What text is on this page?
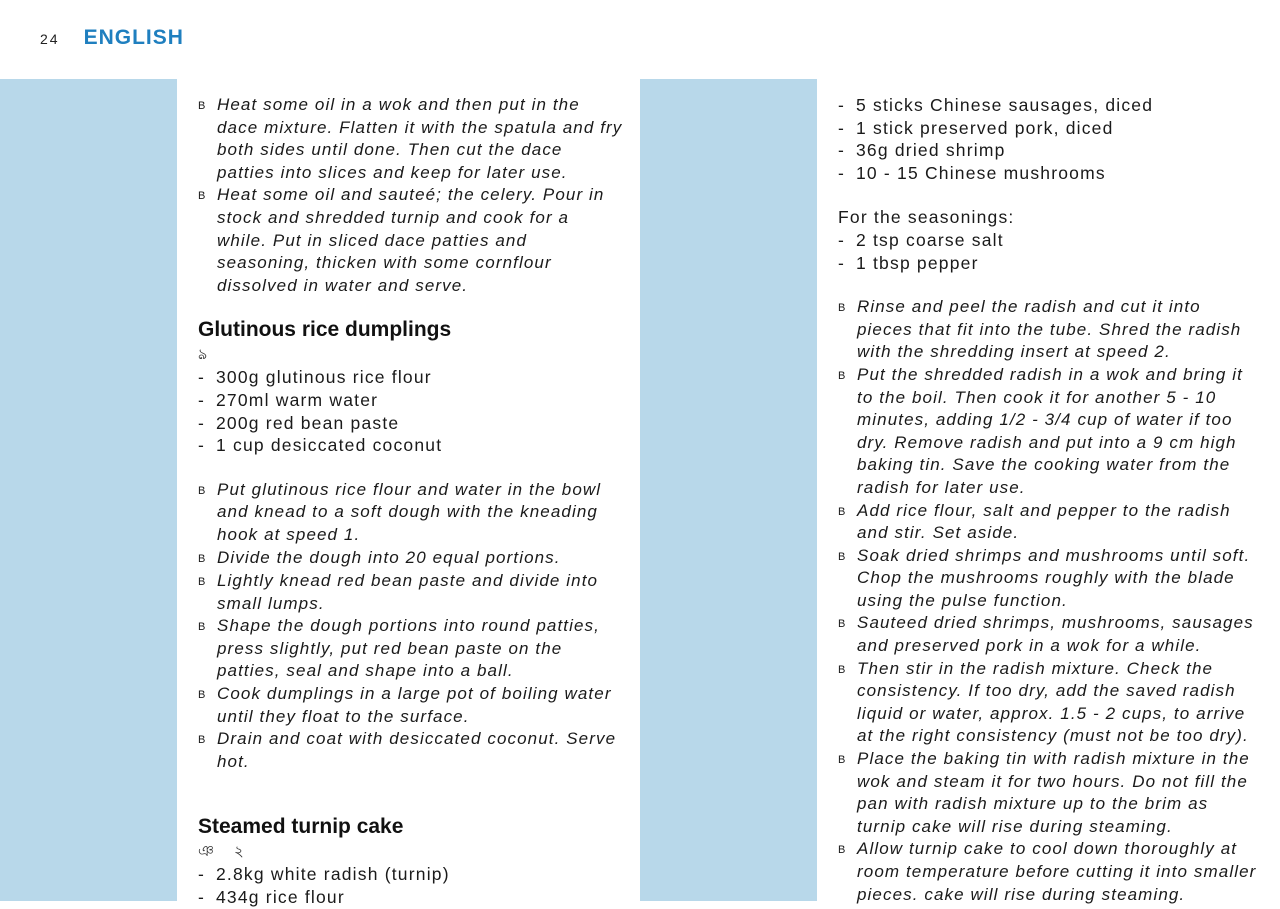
24 ENGLISH
B Heat some oil in a wok and then put in the dace mixture. Flatten it with the spatula and fry both sides until done. Then cut the dace patties into slices and keep for later use.
B Heat some oil and sauteé; the celery. Pour in stock and shredded turnip and cook for a while. Put in sliced dace patties and seasoning, thicken with some cornflour dissolved in water and serve.
Glutinous rice dumplings
ঌ
- 300g glutinous rice flour
- 270ml warm water
- 200g red bean paste
- 1 cup desiccated coconut
B Put glutinous rice flour and water in the bowl and knead to a soft dough with the kneading hook at speed 1.
B Divide the dough into 20 equal portions.
B Lightly knead red bean paste and divide into small lumps.
B Shape the dough portions into round patties, press slightly, put red bean paste on the patties, seal and shape into a ball.
B Cook dumplings in a large pot of boiling water until they float to the surface.
B Drain and coat with desiccated coconut. Serve hot.
Steamed turnip cake
ঞ ২
- 2.8kg white radish (turnip)
- 434g rice flour
- 5 sticks Chinese sausages, diced
- 1 stick preserved pork, diced
- 36g dried shrimp
- 10 - 15 Chinese mushrooms
For the seasonings:
- 2 tsp coarse salt
- 1 tbsp pepper
B Rinse and peel the radish and cut it into pieces that fit into the tube. Shred the radish with the shredding insert at speed 2.
B Put the shredded radish in a wok and bring it to the boil. Then cook it for another 5 - 10 minutes, adding 1/2 - 3/4 cup of water if too dry. Remove radish and put into a 9 cm high baking tin. Save the cooking water from the radish for later use.
B Add rice flour, salt and pepper to the radish and stir. Set aside.
B Soak dried shrimps and mushrooms until soft. Chop the mushrooms roughly with the blade using the pulse function.
B Sauteed dried shrimps, mushrooms, sausages and preserved pork in a wok for a while.
B Then stir in the radish mixture. Check the consistency. If too dry, add the saved radish liquid or water, approx. 1.5 - 2 cups, to arrive at the right consistency (must not be too dry).
B Place the baking tin with radish mixture in the wok and steam it for two hours. Do not fill the pan with radish mixture up to the brim as turnip cake will rise during steaming.
B Allow turnip cake to cool down thoroughly at room temperature before cutting it into smaller pieces. cake will rise during steaming.
